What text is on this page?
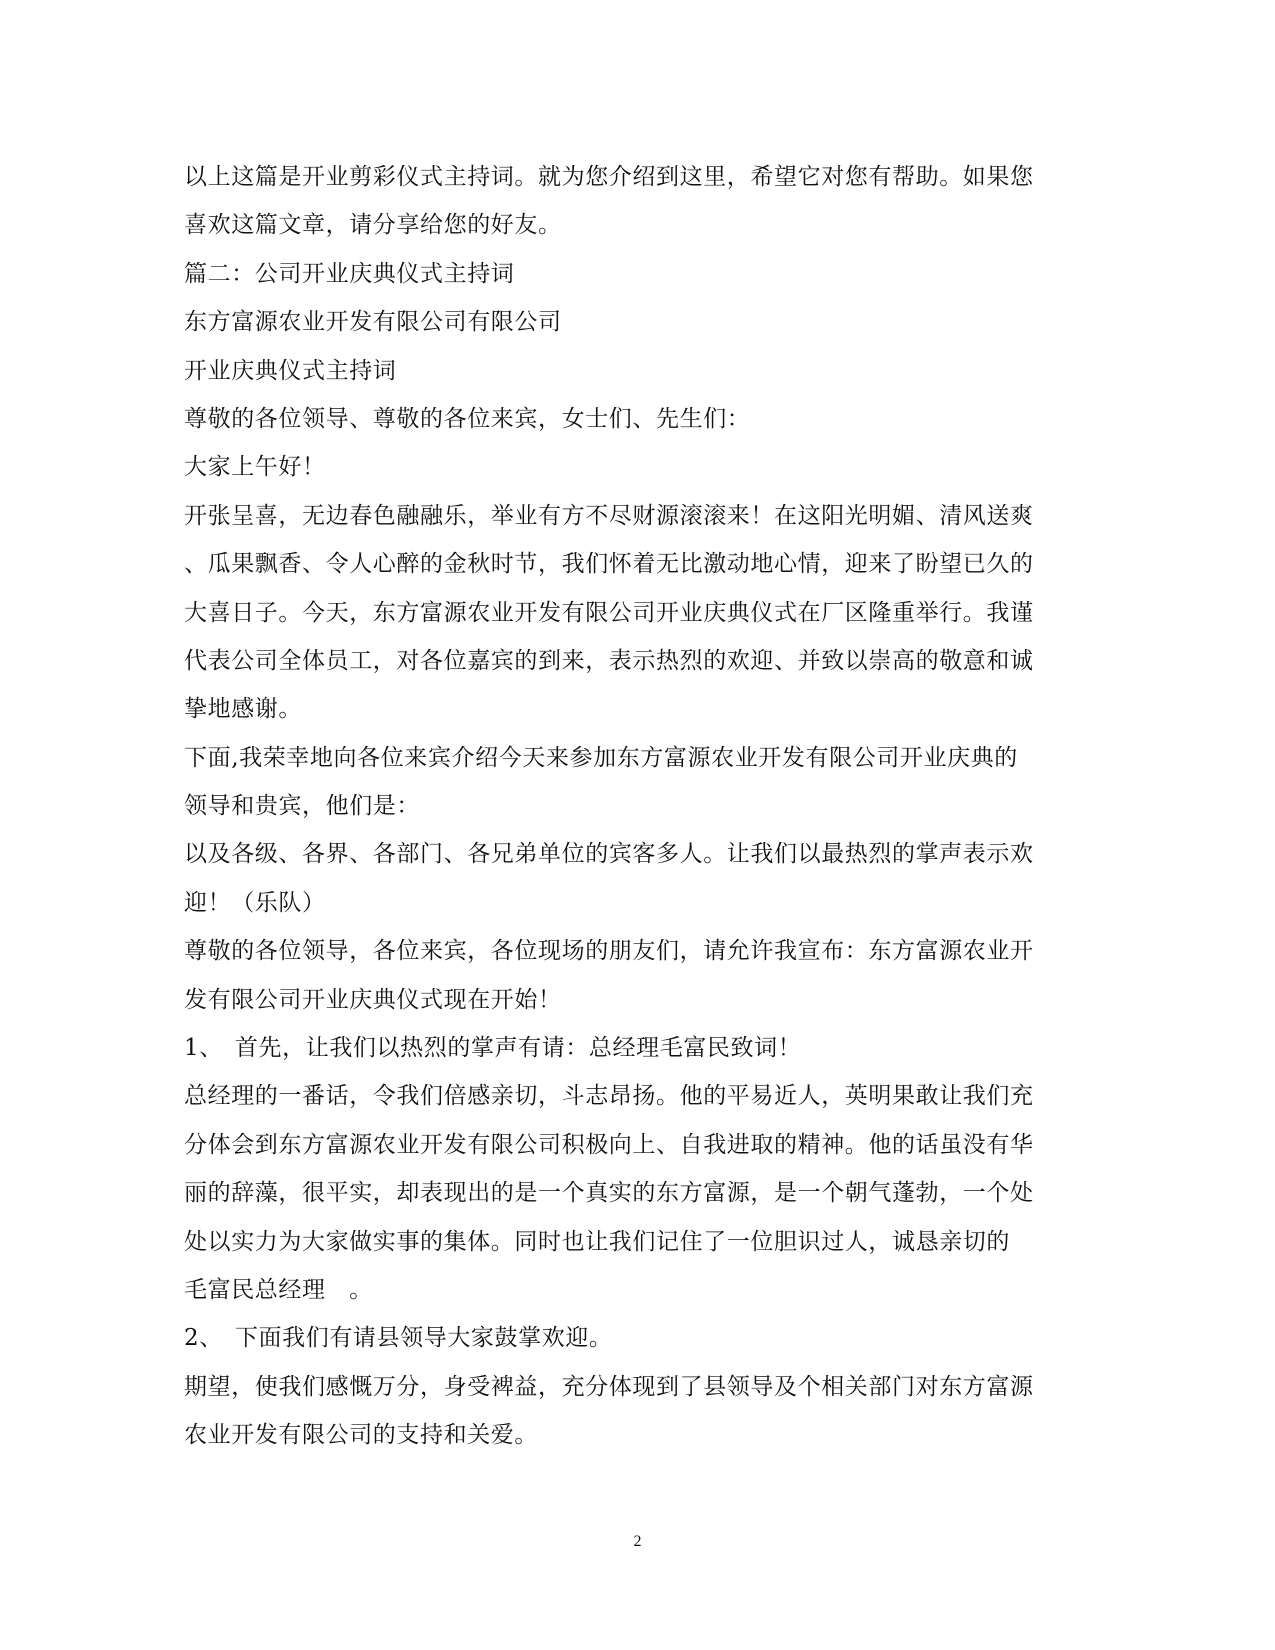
以上这篇是开业剪彩仪式主持词。就为您介绍到这里，希望它对您有帮助。如果您
喜欢这篇文章，请分享给您的好友。
篇二：公司开业庆典仪式主持词
东方富源农业开发有限公司有限公司
开业庆典仪式主持词
尊敬的各位领导、尊敬的各位来宾，女士们、先生们：
大家上午好！
开张呈喜，无边春色融融乐，举业有方不尽财源滚滚来！在这阳光明媚、清风送爽
、瓜果飘香、令人心醉的金秋时节，我们怀着无比激动地心情，迎来了盼望已久的
大喜日子。今天，东方富源农业开发有限公司开业庆典仪式在厂区隆重举行。我谨
代表公司全体员工，对各位嘉宾的到来，表示热烈的欢迎、并致以崇高的敬意和诚
挚地感谢。
下面,我荣幸地向各位来宾介绍今天来参加东方富源农业开发有限公司开业庆典的
领导和贵宾，他们是：
以及各级、各界、各部门、各兄弟单位的宾客多人。让我们以最热烈的掌声表示欢
迎！（乐队）
尊敬的各位领导，各位来宾，各位现场的朋友们，请允许我宣布：东方富源农业开
发有限公司开业庆典仪式现在开始！
1、　首先，让我们以热烈的掌声有请：总经理毛富民致词！
总经理的一番话，令我们倍感亲切，斗志昂扬。他的平易近人，英明果敢让我们充
分体会到东方富源农业开发有限公司积极向上、自我进取的精神。他的话虽没有华
丽的辞藻，很平实，却表现出的是一个真实的东方富源，是一个朝气蓬勃，一个处
处以实力为大家做实事的集体。同时也让我们记住了一位胆识过人，诚恳亲切的
毛富民总经理　。
2、　下面我们有请县领导大家鼓掌欢迎。
期望，使我们感慨万分，身受裨益，充分体现到了县领导及个相关部门对东方富源
农业开发有限公司的支持和关爱。
2
